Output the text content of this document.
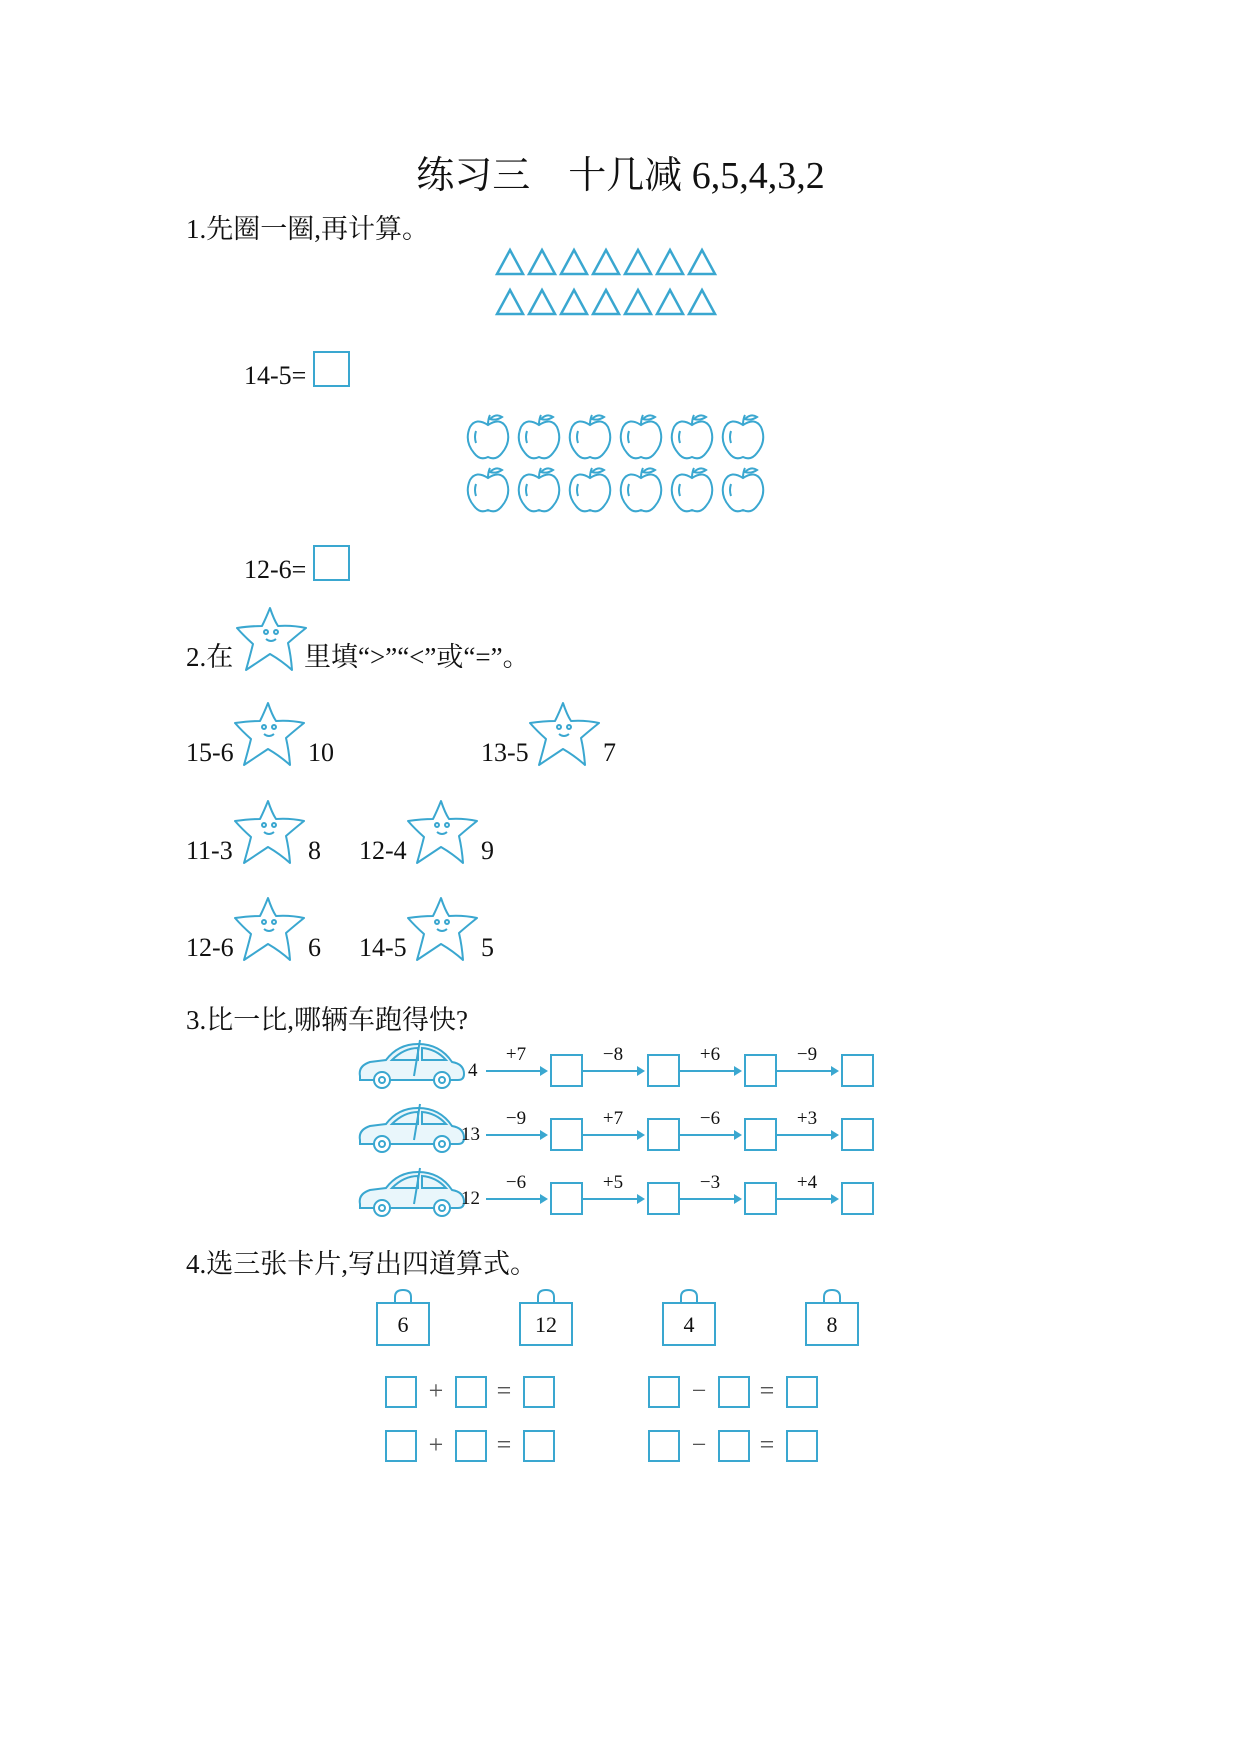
练习三　十几减 6,5,4,3,2
1.先圈一圈,再计算。
14-5=
12-6=
2.在	里填“>”“<”或“=”。
15-6	10	13-5	7
11-3	8 12-4	9
12-6	6 14-5	5
3.比一比,哪辆车跑得快?
4
+7	−8	+6	−9
13
−9	+7	−6	+3
12
−6	+5	−3	+4
4.选三张卡片,写出四道算式。
6	12	4	8
+	=	−	=
+	=	−	=
